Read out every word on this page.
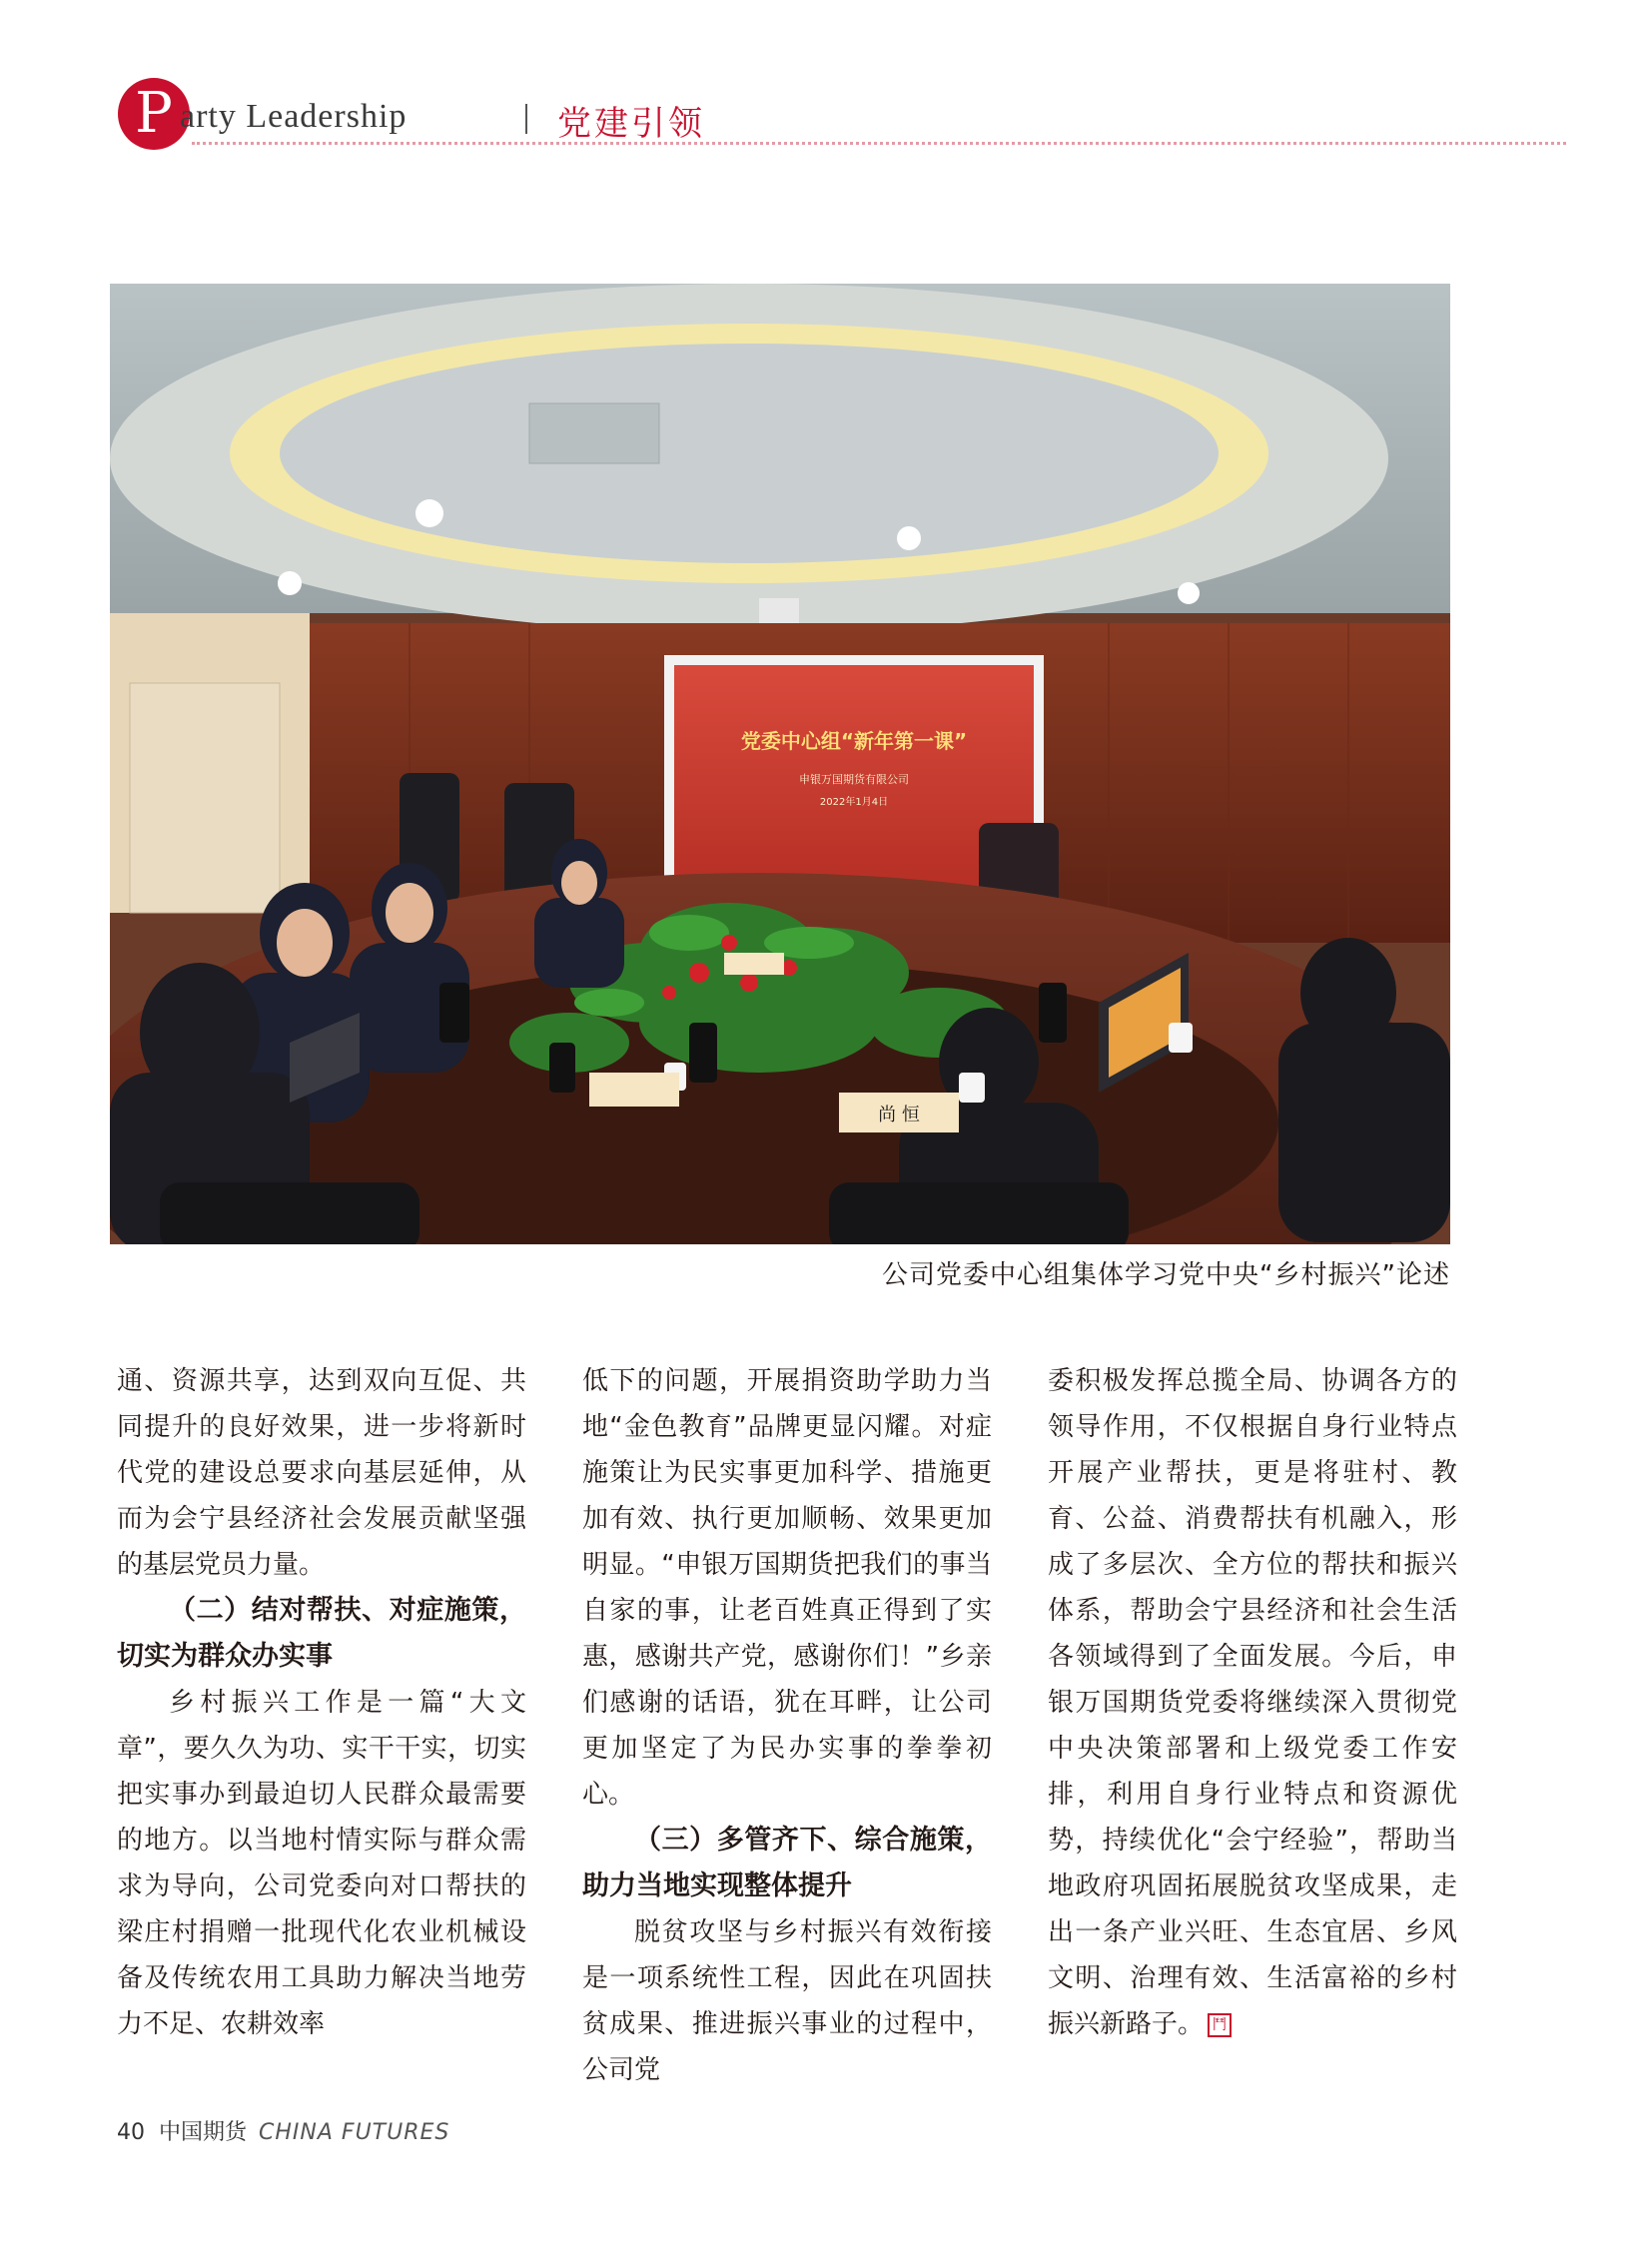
P arty Leadership	党建引领
党委中心组“新年第一课”
申银万国期货有限公司
2022年1月4日
尚 恒
公司党委中心组集体学习党中央“乡村振兴”论述

通、资源共享，达到双向互促、共同提升的良好效果，进一步将新时代党的建设总要求向基层延伸，从而为会宁县经济社会发展贡献坚强的基层党员力量。

（二）结对帮扶、对症施策，切实为群众办实事

乡村振兴工作是一篇“大文章”，要久久为功、实干干实，切实把实事办到最迫切人民群众最需要的地方。以当地村情实际与群众需求为导向，公司党委向对口帮扶的梁庄村捐赠一批现代化农业机械设备及传统农用工具助力解决当地劳力不足、农耕效率

低下的问题，开展捐资助学助力当地“金色教育”品牌更显闪耀。对症施策让为民实事更加科学、措施更加有效、执行更加顺畅、效果更加明显。“申银万国期货把我们的事当自家的事，让老百姓真正得到了实惠，感谢共产党，感谢你们！”乡亲们感谢的话语，犹在耳畔，让公司更加坚定了为民办实事的拳拳初心。

（三）多管齐下、综合施策，助力当地实现整体提升

脱贫攻坚与乡村振兴有效衔接是一项系统性工程，因此在巩固扶贫成果、推进振兴事业的过程中，公司党

委积极发挥总揽全局、协调各方的领导作用，不仅根据自身行业特点开展产业帮扶，更是将驻村、教育、公益、消费帮扶有机融入，形成了多层次、全方位的帮扶和振兴体系，帮助会宁县经济和社会生活各领域得到了全面发展。今后，申银万国期货党委将继续深入贯彻党中央决策部署和上级党委工作安排，利用自身行业特点和资源优势，持续优化“会宁经验”，帮助当地政府巩固拓展脱贫攻坚成果，走出一条产业兴旺、生态宜居、乡风文明、治理有效、生活富裕的乡村振兴新路子。 鬥

40 中国期货 CHINA FUTURES
